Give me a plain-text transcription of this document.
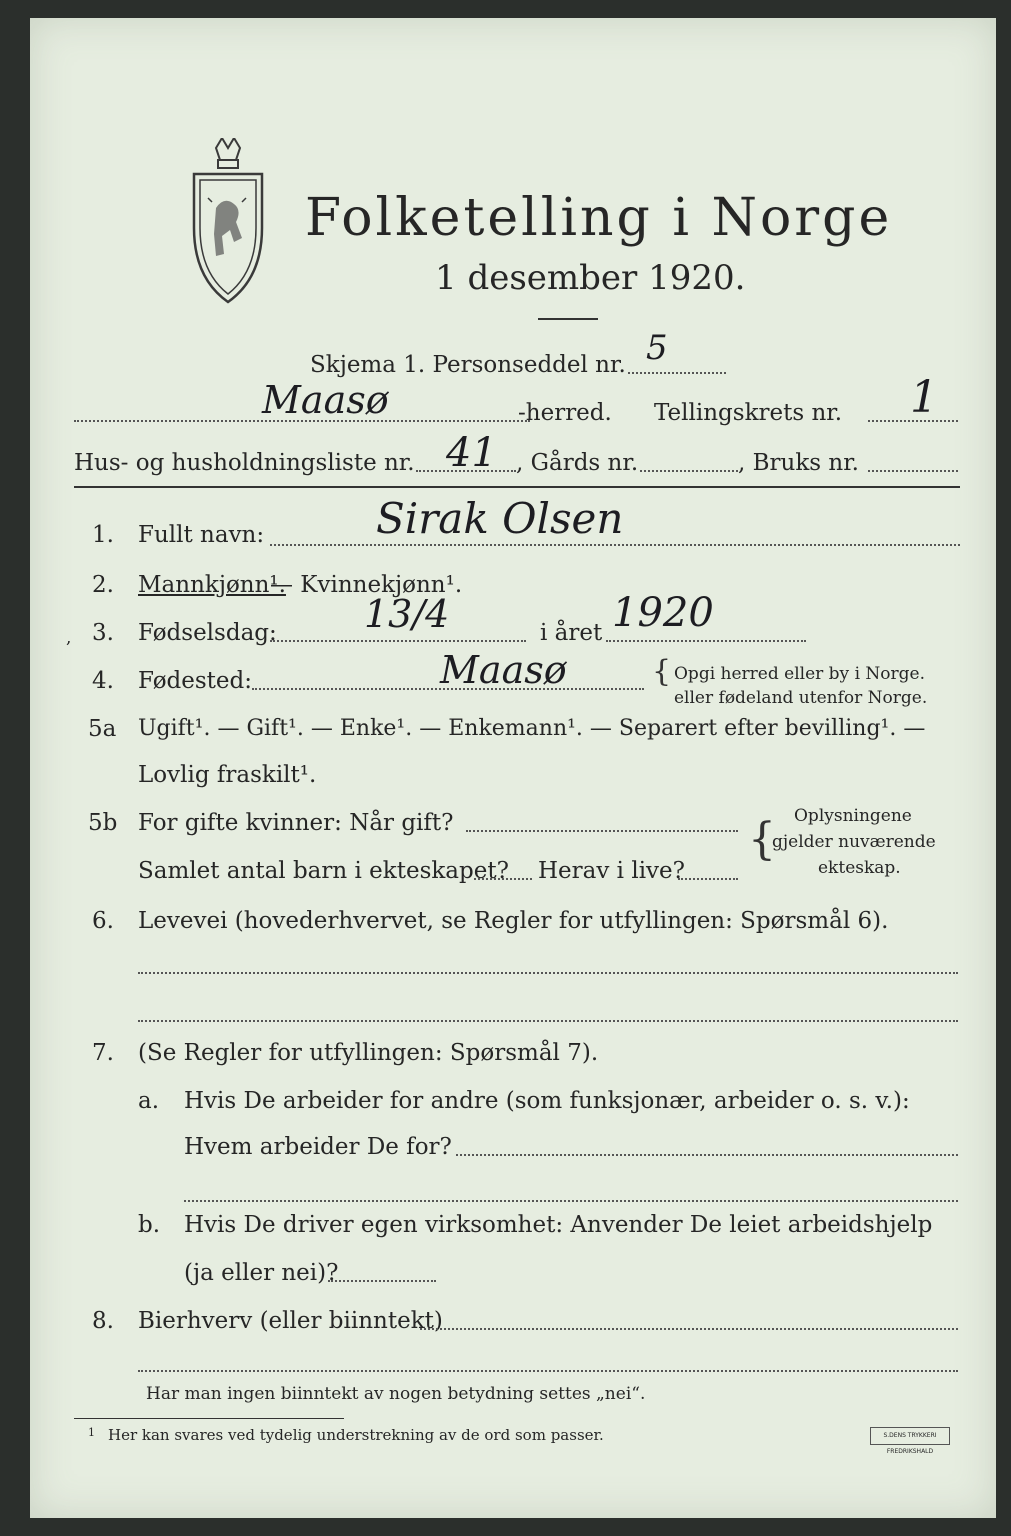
Folketelling i Norge
1 desember 1920.
Skjema 1. Personseddel nr. 5
Maasø	-herred. Tellingskrets nr. 1
Hus- og husholdningsliste nr. 41 , Gårds nr.	, Bruks nr.
1. Fullt navn:	Sirak Olsen
2. Mannkjønn¹.
— Kvinnekjønn¹.
, 3. Fødselsdag: 13/4	i året 1920
4. Fødested:	Maasø	{ Opgi herred eller by i Norge.
eller fødeland utenfor Norge.
5a Ugift¹. — Gift¹. — Enke¹. — Enkemann¹. — Separert efter bevilling¹. —
Lovlig fraskilt¹.
5b For gifte kvinner: Når gift?
Samlet antal barn i ekteskapet? Herav i live?
{ Oplysningene
gjelder nuværende
ekteskap.
6. Levevei (hovederhvervet, se Regler for utfyllingen: Spørsmål 6).
7. (Se Regler for utfyllingen: Spørsmål 7).
a. Hvis De arbeider for andre (som funksjonær, arbeider o. s. v.):
Hvem arbeider De for?
b. Hvis De driver egen virksomhet: Anvender De leiet arbeidshjelp
(ja eller nei)?
8. Bierhverv (eller biinntekt)
Har man ingen biinntekt av nogen betydning settes „nei“.
1 Her kan svares ved tydelig understrekning av de ord som passer.	S.DENS TRYKKERI FREDRIKSHALD
